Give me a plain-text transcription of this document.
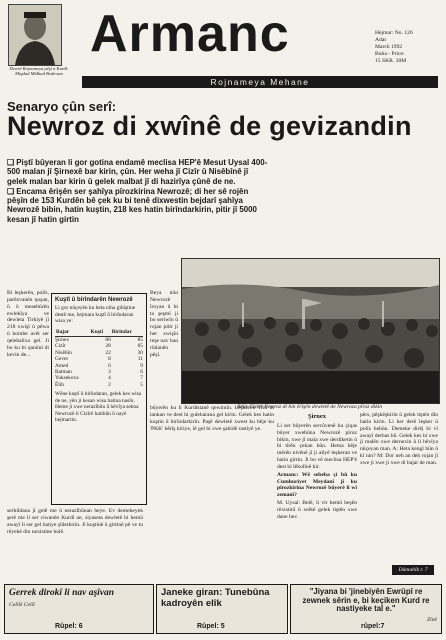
Dewrê Rojnameya pêşî a Kurdî: Miqdad Mîdhad Bedirxan
Armanc	Hejmar: No. 126
Adar
March 1992
Buha - Price:
15 SKR. 30M
Rojnameya Mehane
Senaryo çûn serî:
Newroz di xwînê de gevizandin

❏ Piştî bûyeran li gor gotina endamê meclisa HEP'ê Mesut Uysal 400-500 malan jî Şirnexê bar kirin, çûn. Her weha jî Cizîr û Nisêbînê jî gelek malan bar kirin û gelek malbat jî di hazirîya çûnê de ne.

❏ Encama êrişên ser şahîya pîrozkirina Newrozê; di her sê rojên pêşîn de 153 Kurdên bê çek ku bi tenê dixwestin bejdarî şahîya Newrozê bibin, hatin kuştin, 218 kes hatin birîndarkirin, pitir jî 5000 kesan jî hatin girtin

Bi leşkerên, polîs, parêzvanên qoşan, û û mesebûrên ewlekîya ve dewleta Tirkiyê jî 218 xwişî û pêwa û bombe avêt ser qelebalixa gel. Ji bo ku bi qanûnî di kevin de...

Kuştî û birîndarên Newrozê
Li gor nûçeyên ku heta niha gihîştine destê me, hejmara kuştî û birîndaran wisa ye:
Bajar	Kuştî	Birîndar
Şirnex	80	85
Cizîr	28	65
Nisêbîn	22	30
Gever	8	11
Amed	6	9
Batman	3	6
Yuksekova	4	7
Êlih	2	5
Wêne kuştî û birîndaran, gelek kes wisa de ne, yên ji kesan wisa hatina nasîn. Heme ji xwe nerazîbûn û hêvîya sekna Newrozê li Cizîrê hatibûn û nayê hejmartin.

serhildana jî gelê me û nerazîbûnan heye. Ev demekeyek şerê me li ser ciwanên Kurdî ne, siyaseta dewletê bi hemû awayî li ser gel hatiye şîdetkirin. Ji kuştinê û girtinê pê ve tu rêyekê din nexistine holê.

Beya nûn Newrozê îroyan û bi ta şeşmî ji bo seriwîn û rojan pitir ji her xwişîn reşe nav ban rûdanên pêşî.

Rêûr Cîzîrê Newroz di bin êrîşên dewletê de Newroza pîroz dikin

bûyerên ku li Kurdistanê qewimîn. Leşkerên Tirk bi tankan ve dest bi gulebarana gel kirin. Gelek kes hatin kuştin û birîndarkirin. Paşê dewletê xwest ku bêje ku 'PKK' hêrîş kiriye, lê gel bi xwe şahidê rastîyê ye.

Şirnex

Li ser bûyerên sercûvenê ku çiqas bûyer xwebûna Newrozê pîroz bikin, xwe jî mala xwe derdiketin û bi tîrên çekan bûn. Hema bêje mêrên nivênê jî ji aliyê leşkeran ve hatin girtin. Ji bo vê meclisa HEP'ê dest bi lêkolînê kir.

Armanc: Wê sebeba çi bû ku Cumhuriyet Meydanî jî ku pîrozkirina Newrozê bûyerê li wî zemanî?

M. Uysal: Belê, li vir hemû beşên rêxistinî û xelkê gelek tiştên xwe dane hev.

pêrs, pêşkêşkirin û gelek tiştên din hatin kirin. Li her derê leşker û polîs hebûn. Demeke dirêj bi vî awayî derbas bû. Gelek kes bi xwe ji malên xwe dernexin û li hêvîya nûçeyan man. A: Heta kengî bûn û kî nin? M: Dor neh an deh rojan jî xwe ji xwe ji xwe di bajar de man.

Dûmahîk r. 7
Gerrek dirokî li nav aşîvan
Celîlê Celîl
Rûpel: 6
Janeke giran: Tunebûna kadroyên elîk
Rûpel: 5
"Jiyana bi 'jinebiyên Ewrûpî re zewnek sêrin e, bi keçiken Kurd re nastiyeke tal e."
Zînê
rûpel:7
